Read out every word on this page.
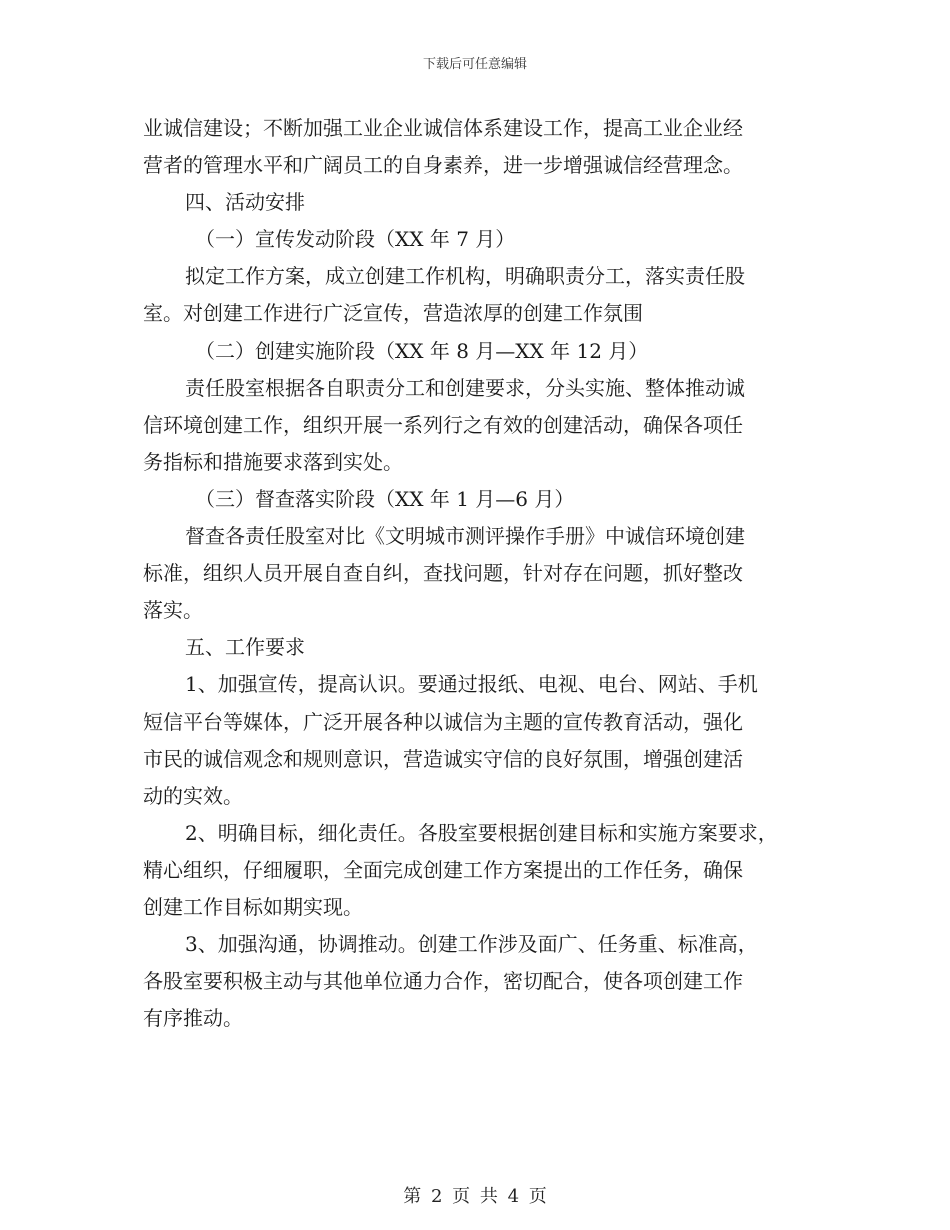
下载后可任意编辑
业诚信建设；不断加强工业企业诚信体系建设工作，提高工业企业经
营者的管理水平和广阔员工的自身素养，进一步增强诚信经营理念。
四、活动安排
（一）宣传发动阶段（XX 年 7 月）
拟定工作方案，成立创建工作机构，明确职责分工，落实责任股
室。对创建工作进行广泛宣传，营造浓厚的创建工作氛围
（二）创建实施阶段（XX 年 8 月—XX 年 12 月）
责任股室根据各自职责分工和创建要求，分头实施、整体推动诚
信环境创建工作，组织开展一系列行之有效的创建活动，确保各项任
务指标和措施要求落到实处。
（三）督查落实阶段（XX 年 1 月—6 月）
督查各责任股室对比《文明城市测评操作手册》中诚信环境创建
标准，组织人员开展自查自纠，查找问题，针对存在问题，抓好整改
落实。
五、工作要求
1、加强宣传，提高认识。要通过报纸、电视、电台、网站、手机
短信平台等媒体，广泛开展各种以诚信为主题的宣传教育活动，强化
市民的诚信观念和规则意识，营造诚实守信的良好氛围，增强创建活
动的实效。
2、明确目标，细化责任。各股室要根据创建目标和实施方案要求，
精心组织，仔细履职，全面完成创建工作方案提出的工作任务，确保
创建工作目标如期实现。
3、加强沟通，协调推动。创建工作涉及面广、任务重、标准高，
各股室要积极主动与其他单位通力合作，密切配合，使各项创建工作
有序推动。
第 2 页 共 4 页
